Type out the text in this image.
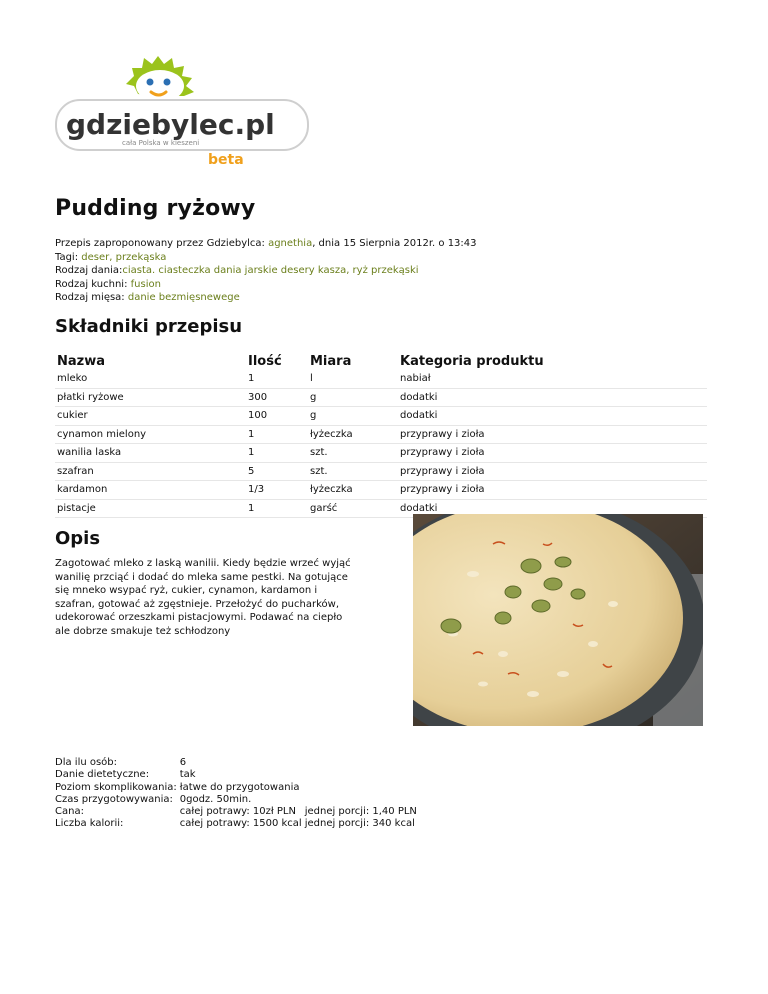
gdziebylec.pl
cała Polska w kieszeni
beta
Pudding ryżowy
Przepis zaproponowany przez Gdziebylca: agnethia, dnia 15 Sierpnia 2012r. o 13:43
Tagi: deser, przekąska
Rodzaj dania:ciasta. ciasteczka dania jarskie desery kasza, ryż przekąski
Rodzaj kuchni: fusion
Rodzaj mięsa: danie bezmięsnewege
Składniki przepisu
Nazwa	Ilość	Miara	Kategoria produktu
mleko	1	l	nabiał
płatki ryżowe	300	g	dodatki
cukier	100	g	dodatki
cynamon mielony	1	łyżeczka	przyprawy i zioła
wanilia laska	1	szt.	przyprawy i zioła
szafran	5	szt.	przyprawy i zioła
kardamon	1/3	łyżeczka	przyprawy i zioła
pistacje	1	garść	dodatki
Opis

Zagotować mleko z laską wanilii. Kiedy będzie wrzeć wyjąć wanilię przciąć i dodać do mleka same pestki. Na gotujące się mneko wsypać ryż, cukier, cynamon, kardamon i szafran, gotować aż zgęstnieje. Przełożyć do pucharków, udekorować orzeszkami pistacjowymi. Podawać na ciepło ale dobrze smakuje też schłodzony

Dla ilu osób:	6	
Danie dietetyczne:	tak	
Poziom skomplikowania:	łatwe do przygotowania	
Czas przygotowywania:	0godz. 50min.	
Cana:	całej potrawy: 10zł PLN	jednej porcji: 1,40 PLN
Liczba kalorii:	całej potrawy: 1500 kcal	jednej porcji: 340 kcal
